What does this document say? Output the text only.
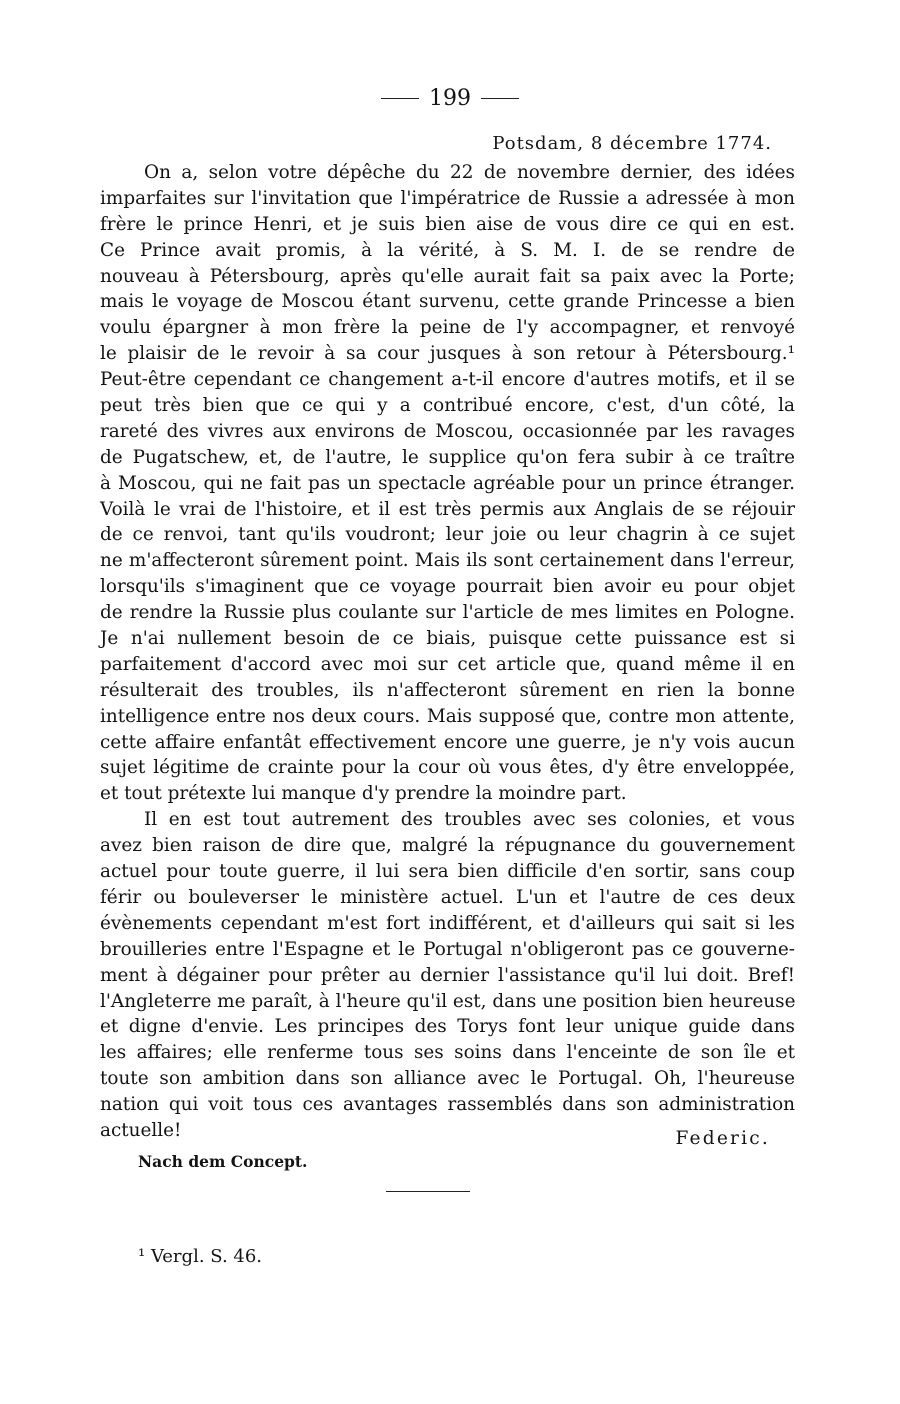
199
Potsdam, 8 décembre 1774.
On a, selon votre dépêche du 22 de novembre dernier, des idées
imparfaites sur l'invitation que l'impératrice de Russie a adressée à mon
frère le prince Henri, et je suis bien aise de vous dire ce qui en est.
Ce Prince avait promis, à la vérité, à S. M. I. de se rendre de
nouveau à Pétersbourg, après qu'elle aurait fait sa paix avec la Porte;
mais le voyage de Moscou étant survenu, cette grande Princesse a bien
voulu épargner à mon frère la peine de l'y accompagner, et renvoyé
le plaisir de le revoir à sa cour jusques à son retour à Pétersbourg.¹
Peut-être cependant ce changement a-t-il encore d'autres motifs, et il se
peut très bien que ce qui y a contribué encore, c'est, d'un côté, la
rareté des vivres aux environs de Moscou, occasionnée par les ravages
de Pugatschew, et, de l'autre, le supplice qu'on fera subir à ce traître
à Moscou, qui ne fait pas un spectacle agréable pour un prince étranger.
Voilà le vrai de l'histoire, et il est très permis aux Anglais de se réjouir
de ce renvoi, tant qu'ils voudront; leur joie ou leur chagrin à ce sujet
ne m'affecteront sûrement point. Mais ils sont certainement dans l'erreur,
lorsqu'ils s'imaginent que ce voyage pourrait bien avoir eu pour objet
de rendre la Russie plus coulante sur l'article de mes limites en Pologne.
Je n'ai nullement besoin de ce biais, puisque cette puissance est si
parfaitement d'accord avec moi sur cet article que, quand même il en
résulterait des troubles, ils n'affecteront sûrement en rien la bonne
intelligence entre nos deux cours. Mais supposé que, contre mon attente,
cette affaire enfantât effectivement encore une guerre, je n'y vois aucun
sujet légitime de crainte pour la cour où vous êtes, d'y être enveloppée,
et tout prétexte lui manque d'y prendre la moindre part.
Il en est tout autrement des troubles avec ses colonies, et vous
avez bien raison de dire que, malgré la répugnance du gouvernement
actuel pour toute guerre, il lui sera bien difficile d'en sortir, sans coup
férir ou bouleverser le ministère actuel. L'un et l'autre de ces deux
évènements cependant m'est fort indifférent, et d'ailleurs qui sait si les
brouilleries entre l'Espagne et le Portugal n'obligeront pas ce gouverne-
ment à dégainer pour prêter au dernier l'assistance qu'il lui doit. Bref!
l'Angleterre me paraît, à l'heure qu'il est, dans une position bien heureuse
et digne d'envie. Les principes des Torys font leur unique guide dans
les affaires; elle renferme tous ses soins dans l'enceinte de son île et
toute son ambition dans son alliance avec le Portugal. Oh, l'heureuse
nation qui voit tous ces avantages rassemblés dans son administration
actuelle!	Federic.
Nach dem Concept.
¹ Vergl. S. 46.
